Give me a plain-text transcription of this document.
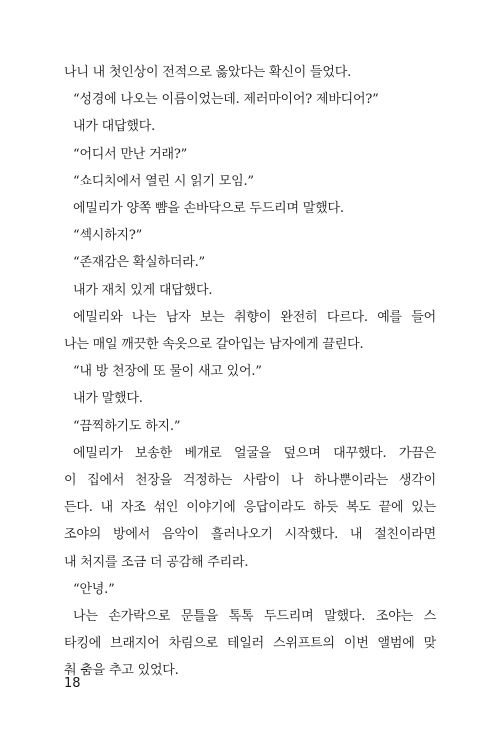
나니 내 첫인상이 전적으로 옳았다는 확신이 들었다.
“성경에 나오는 이름이었는데. 제러마이어? 제바디어?”
내가 대답했다.
“어디서 만난 거래?”
“쇼디치에서 열린 시 읽기 모임.”
에밀리가 양쪽 뺨을 손바닥으로 두드리며 말했다.
“섹시하지?”
“존재감은 확실하더라.”
내가 재치 있게 대답했다.
에밀리와 나는 남자 보는 취향이 완전히 다르다. 예를 들어
나는 매일 깨끗한 속옷으로 갈아입는 남자에게 끌린다.
“내 방 천장에 또 물이 새고 있어.”
내가 말했다.
“끔찍하기도 하지.”
에밀리가 보송한 베개로 얼굴을 덮으며 대꾸했다. 가끔은
이 집에서 천장을 걱정하는 사람이 나 하나뿐이라는 생각이
든다. 내 자조 섞인 이야기에 응답이라도 하듯 복도 끝에 있는
조야의 방에서 음악이 흘러나오기 시작했다. 내 절친이라면
내 처지를 조금 더 공감해 주리라.
“안녕.”
나는 손가락으로 문틀을 톡톡 두드리며 말했다. 조야는 스
타킹에 브래지어 차림으로 테일러 스위프트의 이번 앨범에 맞
춰 춤을 추고 있었다.
18
